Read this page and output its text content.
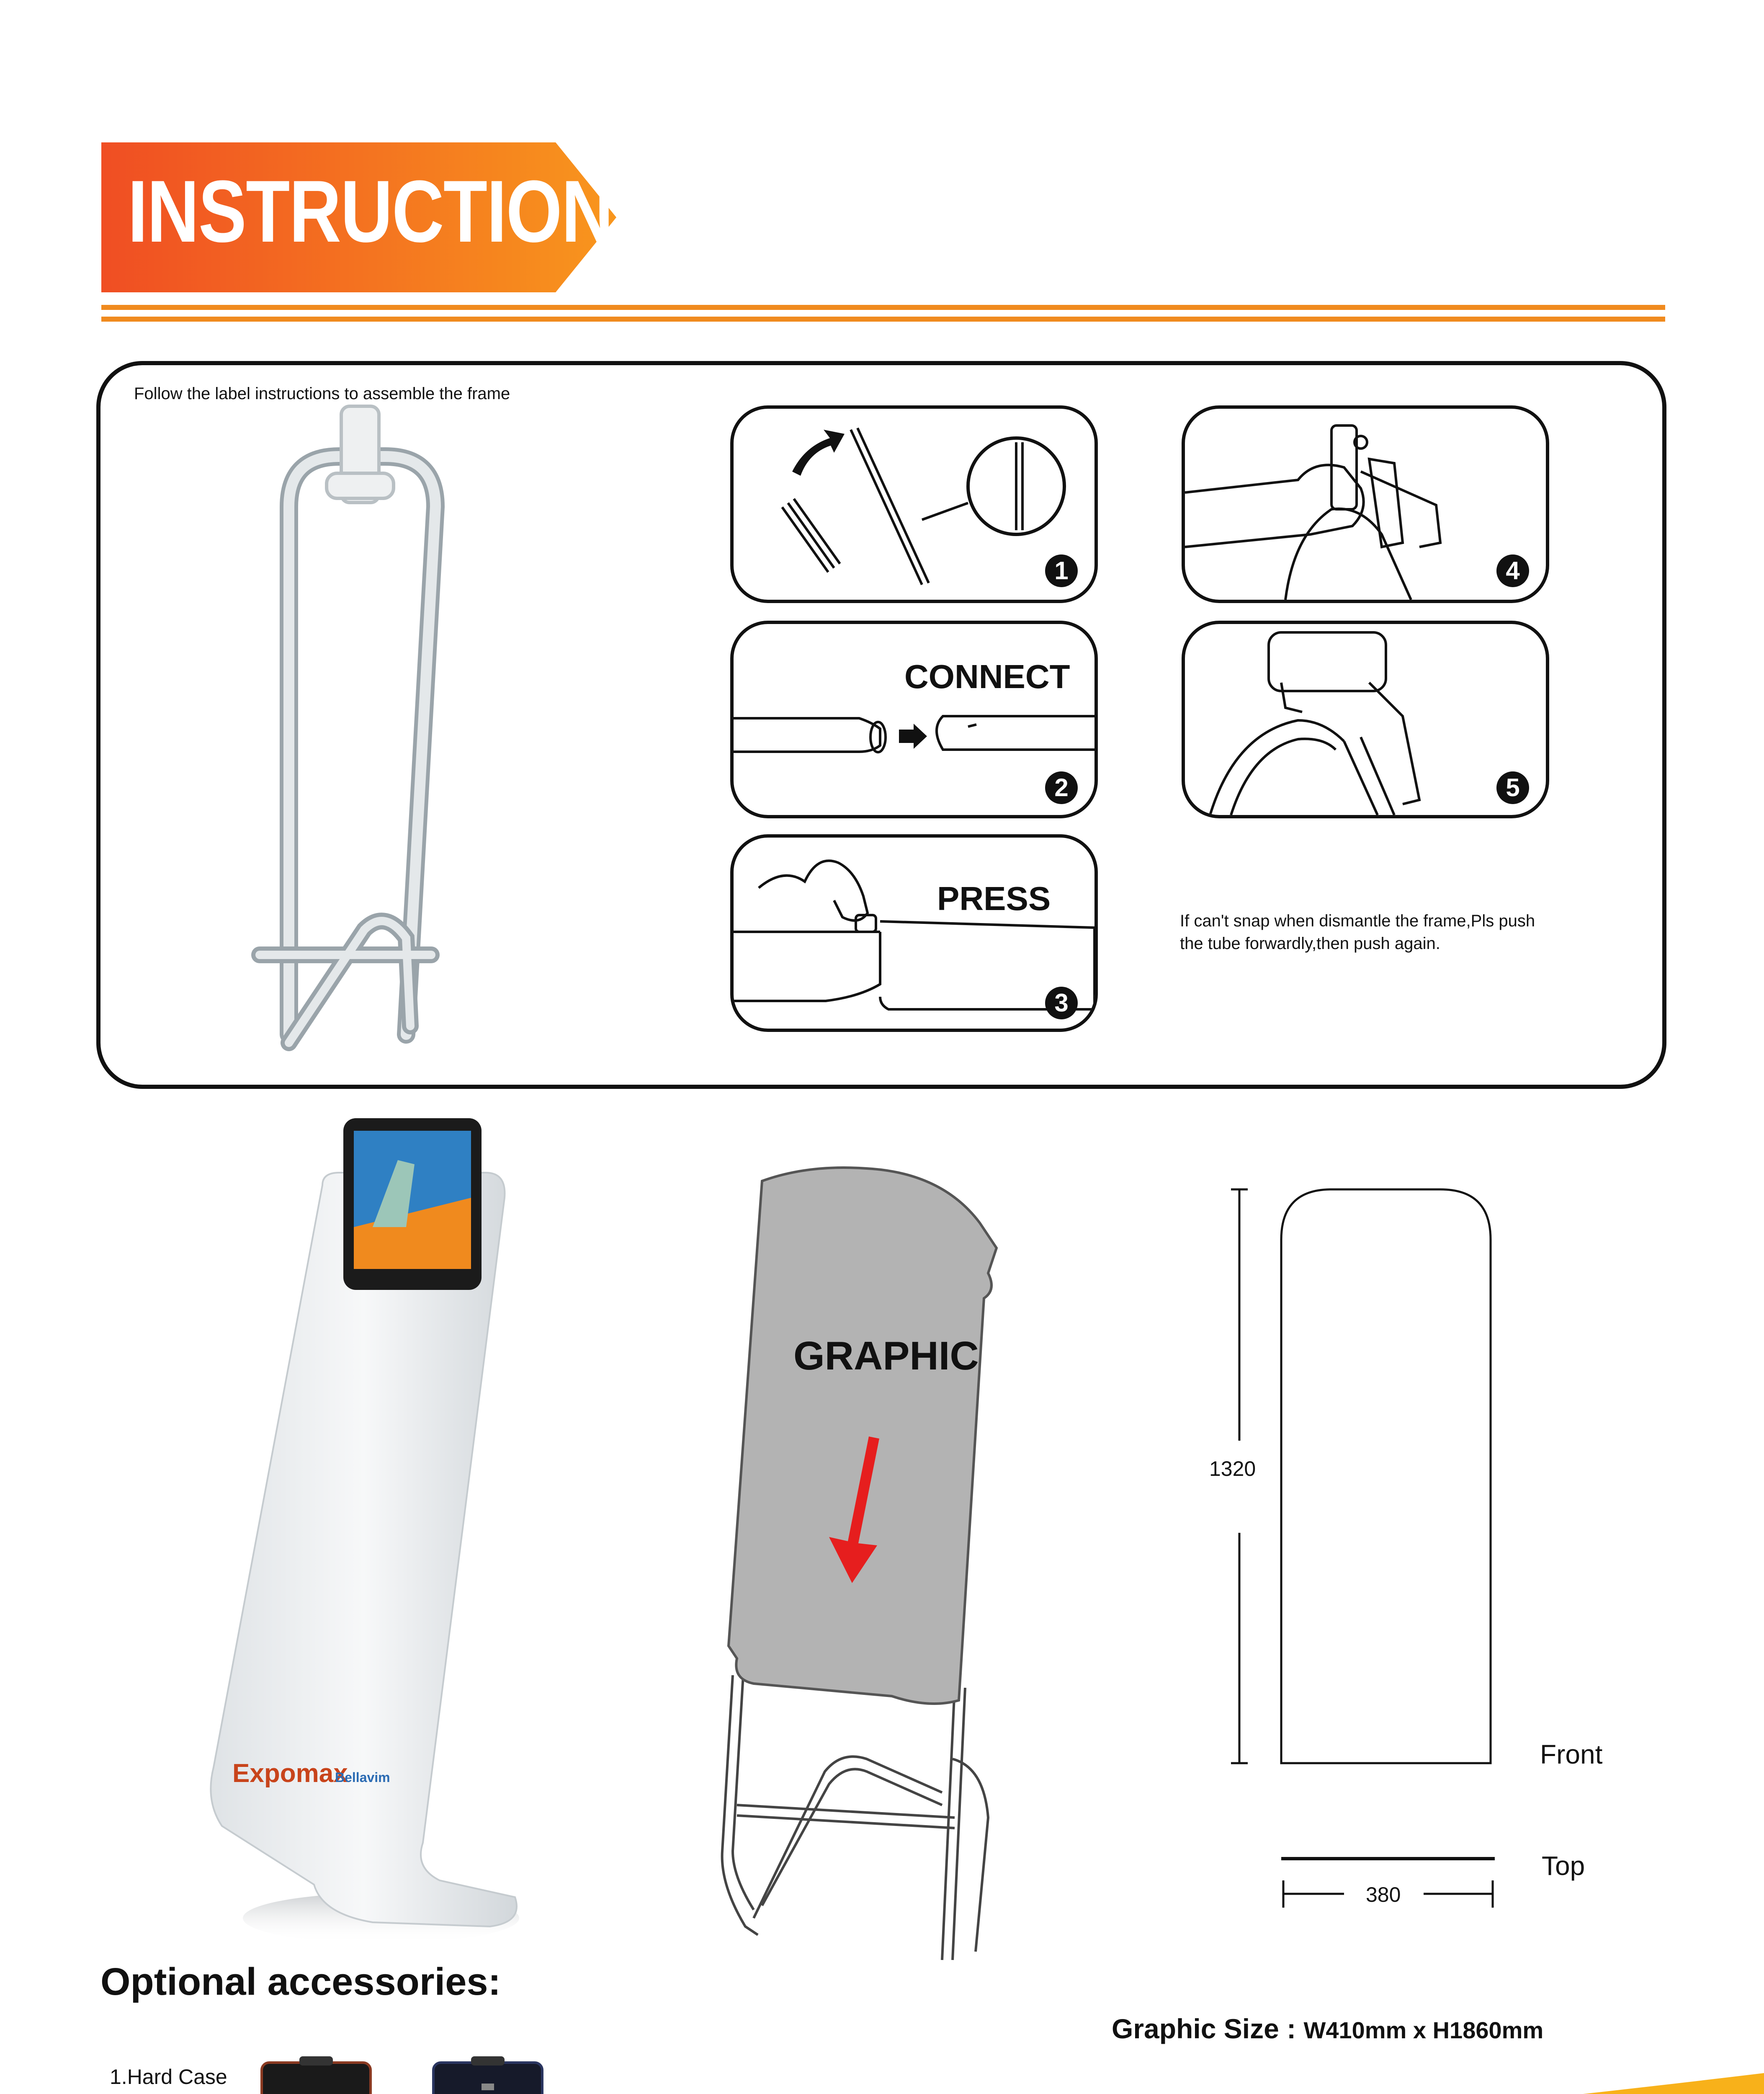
INSTRUCTION
Follow the label instructions to assemble the frame
1
CONNECT
2
PRESS
3
4
5
If can't snap when dismantle the frame,Pls push
the tube forwardly,then push again.
Expomax
Bellavim
GRAPHIC
1320
380
Front
Top
Graphic Size : W410mm x H1860mm
Optional accessories:
1.Hard Case
